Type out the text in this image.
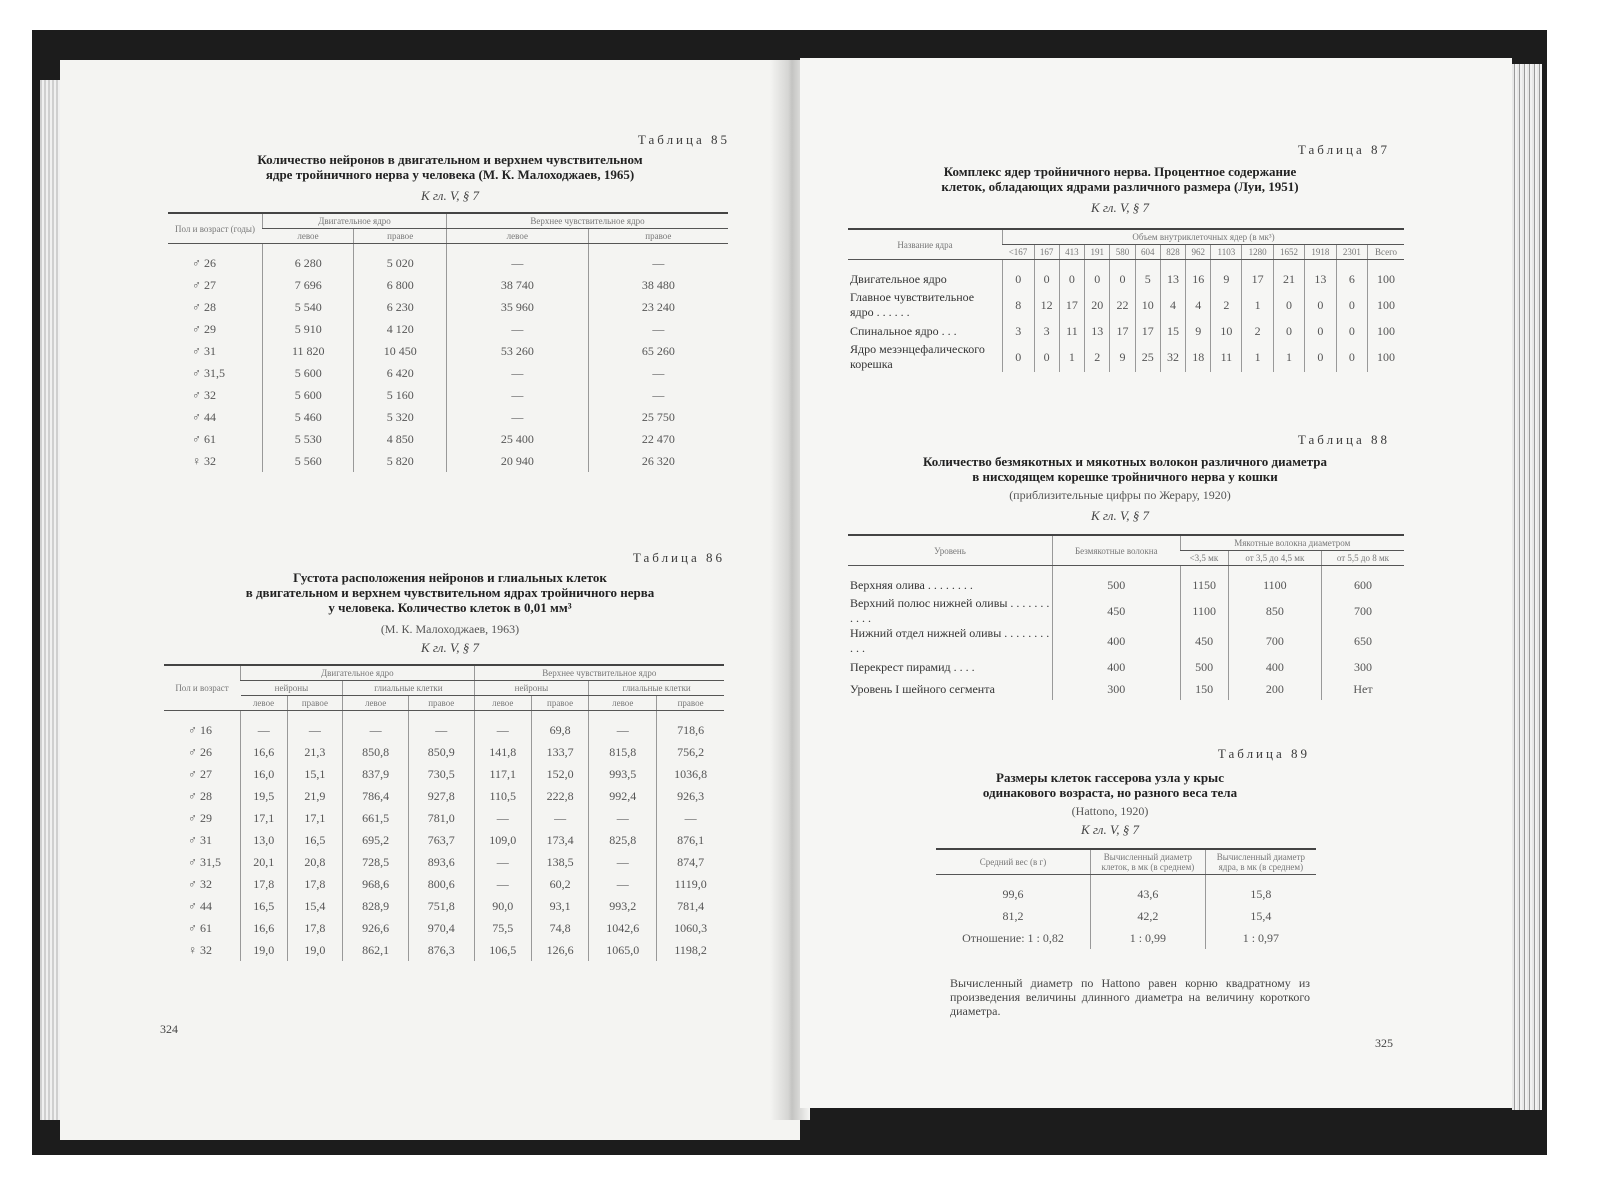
Таблица 85
Количество нейронов в двигательном и верхнем чувствительном
ядре тройничного нерва у человека (М. К. Малоходжаев, 1965)
К гл. V, § 7
Пол и возраст (годы)	Двигательное ядро		Верхнее чувствительное ядро	
	левое	правое	левое	правое
♂ 26	6 280	5 020	—	—
♂ 27	7 696	6 800	38 740	38 480
♂ 28	5 540	6 230	35 960	23 240
♂ 29	5 910	4 120	—	—
♂ 31	11 820	10 450	53 260	65 260
♂ 31,5	5 600	6 420	—	—
♂ 32	5 600	5 160	—	—
♂ 44	5 460	5 320	—	25 750
♂ 61	5 530	4 850	25 400	22 470
♀ 32	5 560	5 820	20 940	26 320
Таблица 86
Густота расположения нейронов и глиальных клеток
в двигательном и верхнем чувствительном ядрах тройничного нерва
у человека. Количество клеток в 0,01 мм³
(М. К. Малоходжаев, 1963)
К гл. V, § 7
Пол и возраст	Двигательное ядро				Верхнее чувствительное ядро			
	нейроны		глиальные клетки		нейроны		глиальные клетки	
	левое	правое	левое	правое	левое	правое	левое	правое
♂ 16	—	—	—	—	—	69,8	—	718,6
♂ 26	16,6	21,3	850,8	850,9	141,8	133,7	815,8	756,2
♂ 27	16,0	15,1	837,9	730,5	117,1	152,0	993,5	1036,8
♂ 28	19,5	21,9	786,4	927,8	110,5	222,8	992,4	926,3
♂ 29	17,1	17,1	661,5	781,0	—	—	—	—
♂ 31	13,0	16,5	695,2	763,7	109,0	173,4	825,8	876,1
♂ 31,5	20,1	20,8	728,5	893,6	—	138,5	—	874,7
♂ 32	17,8	17,8	968,6	800,6	—	60,2	—	1119,0
♂ 44	16,5	15,4	828,9	751,8	90,0	93,1	993,2	781,4
♂ 61	16,6	17,8	926,6	970,4	75,5	74,8	1042,6	1060,3
♀ 32	19,0	19,0	862,1	876,3	106,5	126,6	1065,0	1198,2
324
Таблица 87
Комплекс ядер тройничного нерва. Процентное содержание
клеток, обладающих ядрами различного размера (Луи, 1951)
К гл. V, § 7
Название ядра	Объем внутриклеточных ядер (в мк³)													
	<167	167	413	191	580	604	828	962	1103	1280	1652	1918	2301	Всего
Двигательное ядро	0	0	0	0	0	5	13	16	9	17	21	13	6	100
Главное чувствительное ядро . . . . . .	8	12	17	20	22	10	4	4	2	1	0	0	0	100
Спинальное ядро . . .	3	3	11	13	17	17	15	9	10	2	0	0	0	100
Ядро мезэнцефалического корешка	0	0	1	2	9	25	32	18	11	1	1	0	0	100
Таблица 88
Количество безмякотных и мякотных волокон различного диаметра
в нисходящем корешке тройничного нерва у кошки
(приблизительные цифры по Жерару, 1920)
К гл. V, § 7
Уровень	Безмякотные волокна	Мякотные волокна диаметром		
		<3,5 мк	от 3,5 до 4,5 мк	от 5,5 до 8 мк
Верхняя олива . . . . . . . .	500	1150	1100	600
Верхний полюс нижней оливы . . . . . . . . . . .	450	1100	850	700
Нижний отдел нижней оливы . . . . . . . . . . .	400	450	700	650
Перекрест пирамид . . . .	400	500	400	300
Уровень I шейного сегмента	300	150	200	Нет
Таблица 89
Размеры клеток гассерова узла у крыс
одинакового возраста, но разного веса тела
(Hattono, 1920)
К гл. V, § 7
Средний вес (в г)	Вычисленный диаметр клеток, в мк (в среднем)	Вычисленный диаметр ядра, в мк (в среднем)
99,6	43,6	15,8
81,2	42,2	15,4
Отношение: 1 : 0,82	1 : 0,99	1 : 0,97
Вычисленный диаметр по Hattono равен корню квадратному из произведения величины длинного диаметра на величину короткого диаметра.
325
